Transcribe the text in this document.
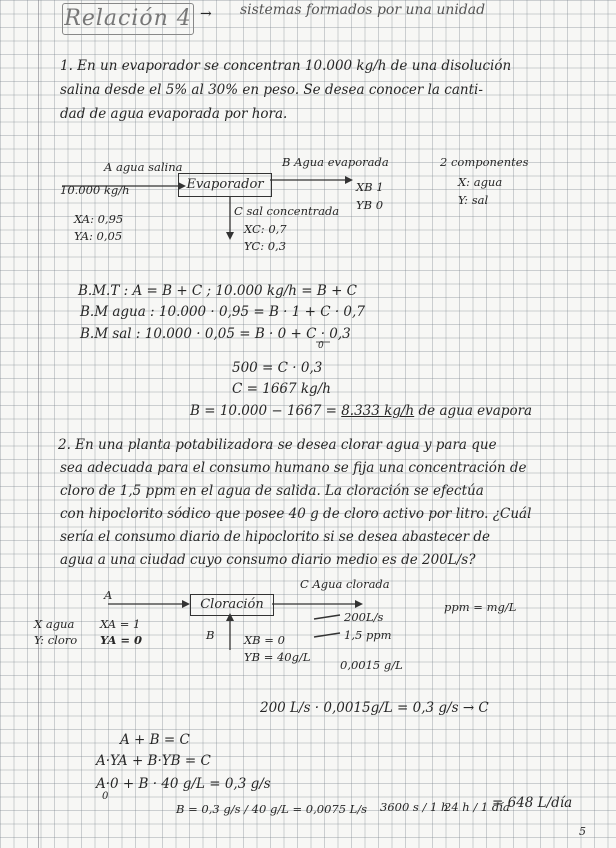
Relación 4 → sistemas formados por una unidad
1. En un evaporador se concentran 10.000 kg/h de una disolución
salina desde el 5% al 30% en peso. Se desea conocer la canti-
dad de agua evaporada por hora.
Evaporador
A agua salina
10.000 kg/h
XA: 0,95
YA: 0,05
B Agua evaporada
XB 1
YB 0
C sal concentrada
XC: 0,7
YC: 0,3
2 componentes
X: agua
Y: sal
B.M.T : A = B + C ; 10.000 kg/h = B + C
B.M agua : 10.000 · 0,95 = B · 1 + C · 0,7
B.M sal : 10.000 · 0,05 = B · 0 + C · 0,3
0
500 = C · 0,3
C = 1667 kg/h
B = 10.000 − 1667 = 8.333 kg/h de agua evapora
2. En una planta potabilizadora se desea clorar agua y para que
sea adecuada para el consumo humano se fija una concentración de
cloro de 1,5 ppm en el agua de salida. La cloración se efectúa
con hipoclorito sódico que posee 40 g de cloro activo por litro. ¿Cuál
sería el consumo diario de hipoclorito si se desea abastecer de
agua a una ciudad cuyo consumo diario medio es de 200L/s?
Cloración
A
X agua
Y: cloro
XA = 1
YA = 0	B	XB = 0
YB = 40g/L
C Agua clorada
200L/s
1,5 ppm
0,0015 g/L
ppm = mg/L
200 L/s · 0,0015g/L = 0,3 g/s → C
A + B = C
A·YA + B·YB = C
A·0 + B · 40 g/L = 0,3 g/s
0
B = 0,3 g/s / 40 g/L = 0,0075 L/s 3600 s / 1 h
24 h / 1 día
= 648 L/día
5
